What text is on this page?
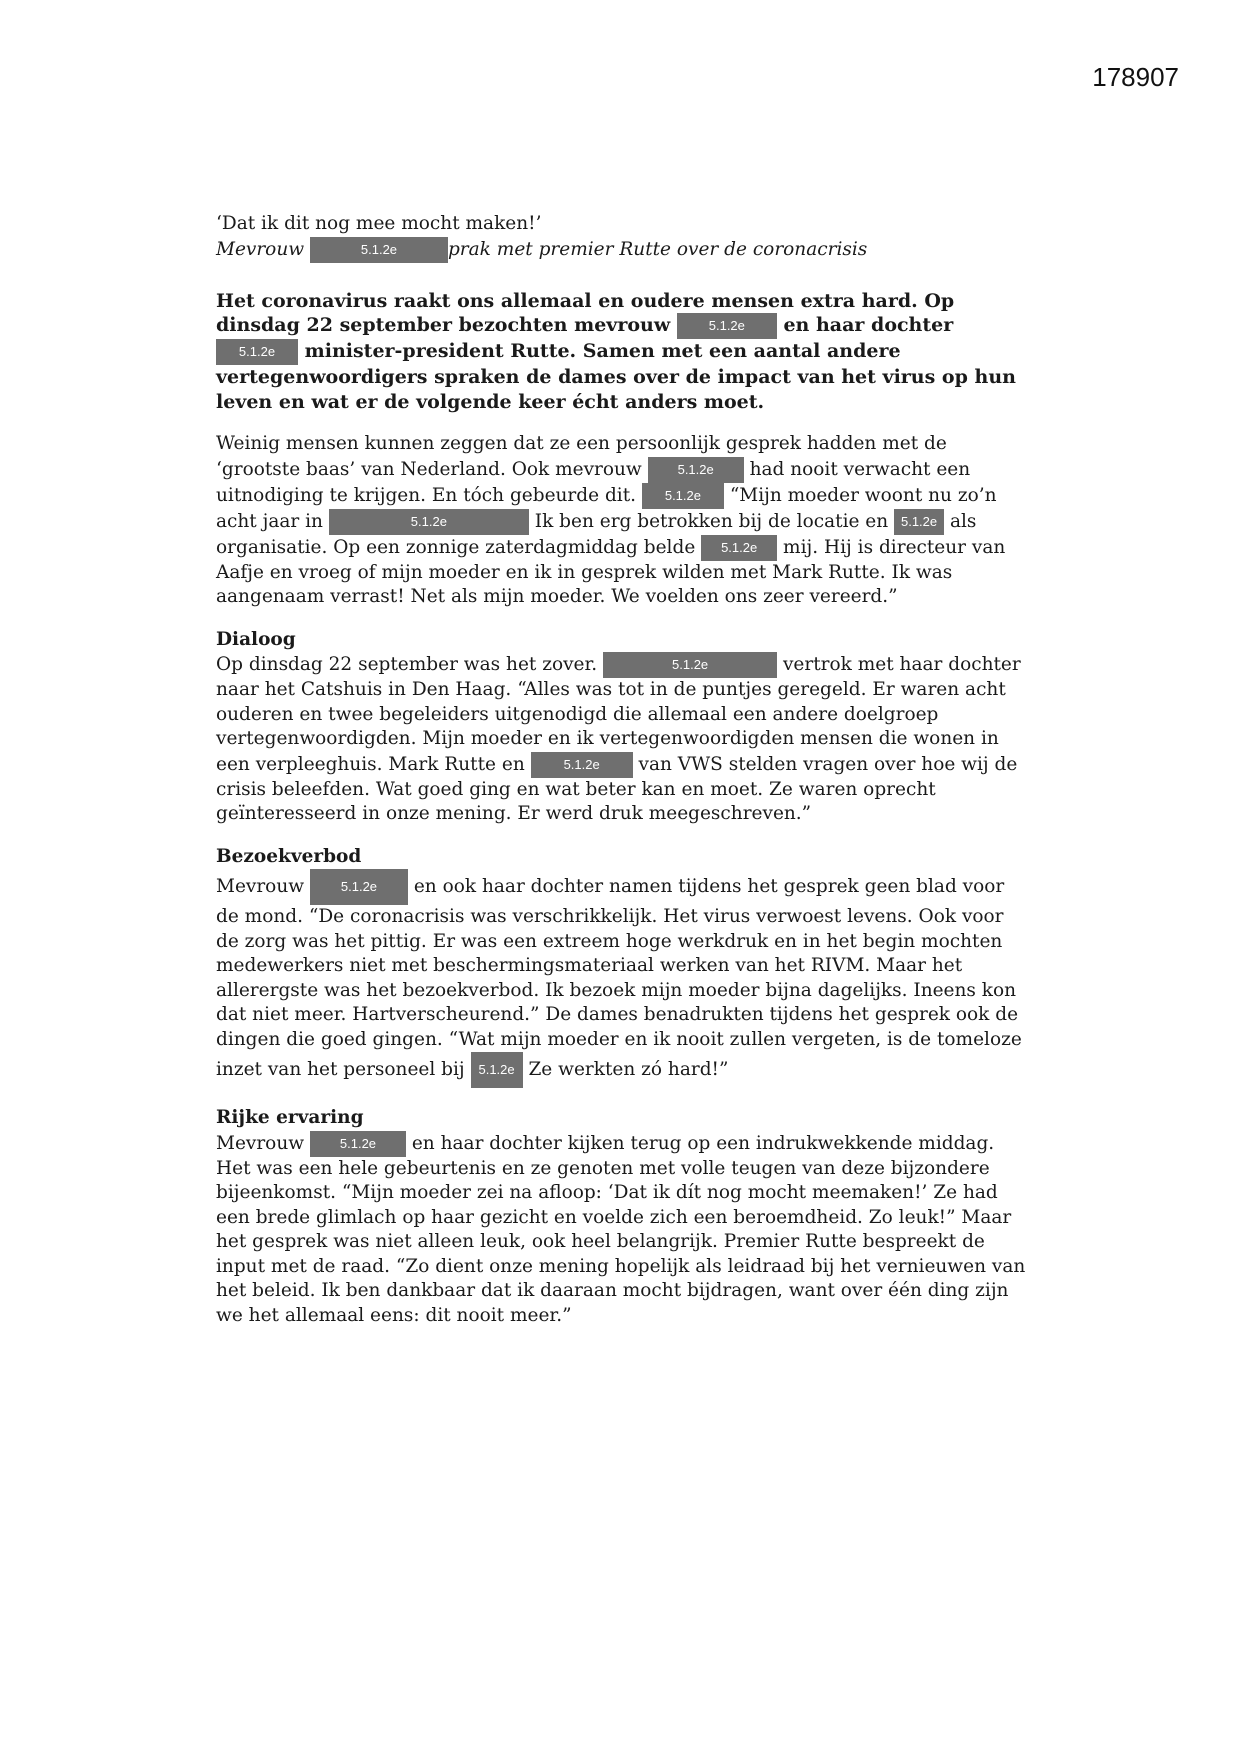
178907

‘Dat ik dit nog mee mocht maken!’

Mevrouw	5.1.2e	prak met premier Rutte over de coronacrisis

Het coronavirus raakt ons allemaal en oudere mensen extra hard. Op dinsdag 22 september bezochten mevrouw	5.1.2e en haar dochter 5.1.2e minister-president Rutte. Samen met een aantal andere vertegenwoordigers spraken de dames over de impact van het virus op hun leven en wat er de volgende keer écht anders moet.

Weinig mensen kunnen zeggen dat ze een persoonlijk gesprek hadden met de ‘grootste baas’ van Nederland. Ook mevrouw	5.1.2e had nooit verwacht een uitnodiging te krijgen. En tóch gebeurde dit. 5.1.2e “Mijn moeder woont nu zo’n acht jaar in	5.1.2e	Ik ben erg betrokken bij de locatie en 5.1.2e als organisatie. Op een zonnige zaterdagmiddag belde 5.1.2e mij. Hij is directeur van Aafje en vroeg of mijn moeder en ik in gesprek wilden met Mark Rutte. Ik was aangenaam verrast! Net als mijn moeder. We voelden ons zeer vereerd.”

Dialoog

Op dinsdag 22 september was het zover.	5.1.2e	vertrok met haar dochter naar het Catshuis in Den Haag. “Alles was tot in de puntjes geregeld. Er waren acht ouderen en twee begeleiders uitgenodigd die allemaal een andere doelgroep vertegenwoordigden. Mijn moeder en ik vertegenwoordigden mensen die wonen in een verpleeghuis. Mark Rutte en	5.1.2e van VWS stelden vragen over hoe wij de crisis beleefden. Wat goed ging en wat beter kan en moet. Ze waren oprecht geïnteresseerd in onze mening. Er werd druk meegeschreven.”

Bezoekverbod

Mevrouw	5.1.2e en ook haar dochter namen tijdens het gesprek geen blad voor de mond. “De coronacrisis was verschrikkelijk. Het virus verwoest levens. Ook voor de zorg was het pittig. Er was een extreem hoge werkdruk en in het begin mochten medewerkers niet met beschermingsmateriaal werken van het RIVM. Maar het allerergste was het bezoekverbod. Ik bezoek mijn moeder bijna dagelijks. Ineens kon dat niet meer. Hartverscheurend.” De dames benadrukten tijdens het gesprek ook de dingen die goed gingen. “Wat mijn moeder en ik nooit zullen vergeten, is de tomeloze inzet van het personeel bij 5.1.2e Ze werkten zó hard!”

Rijke ervaring

Mevrouw	5.1.2e en haar dochter kijken terug op een indrukwekkende middag. Het was een hele gebeurtenis en ze genoten met volle teugen van deze bijzondere bijeenkomst. “Mijn moeder zei na afloop: ‘Dat ik dít nog mocht meemaken!’ Ze had een brede glimlach op haar gezicht en voelde zich een beroemdheid. Zo leuk!” Maar het gesprek was niet alleen leuk, ook heel belangrijk. Premier Rutte bespreekt de input met de raad. “Zo dient onze mening hopelijk als leidraad bij het vernieuwen van het beleid. Ik ben dankbaar dat ik daaraan mocht bijdragen, want over één ding zijn we het allemaal eens: dit nooit meer.”
